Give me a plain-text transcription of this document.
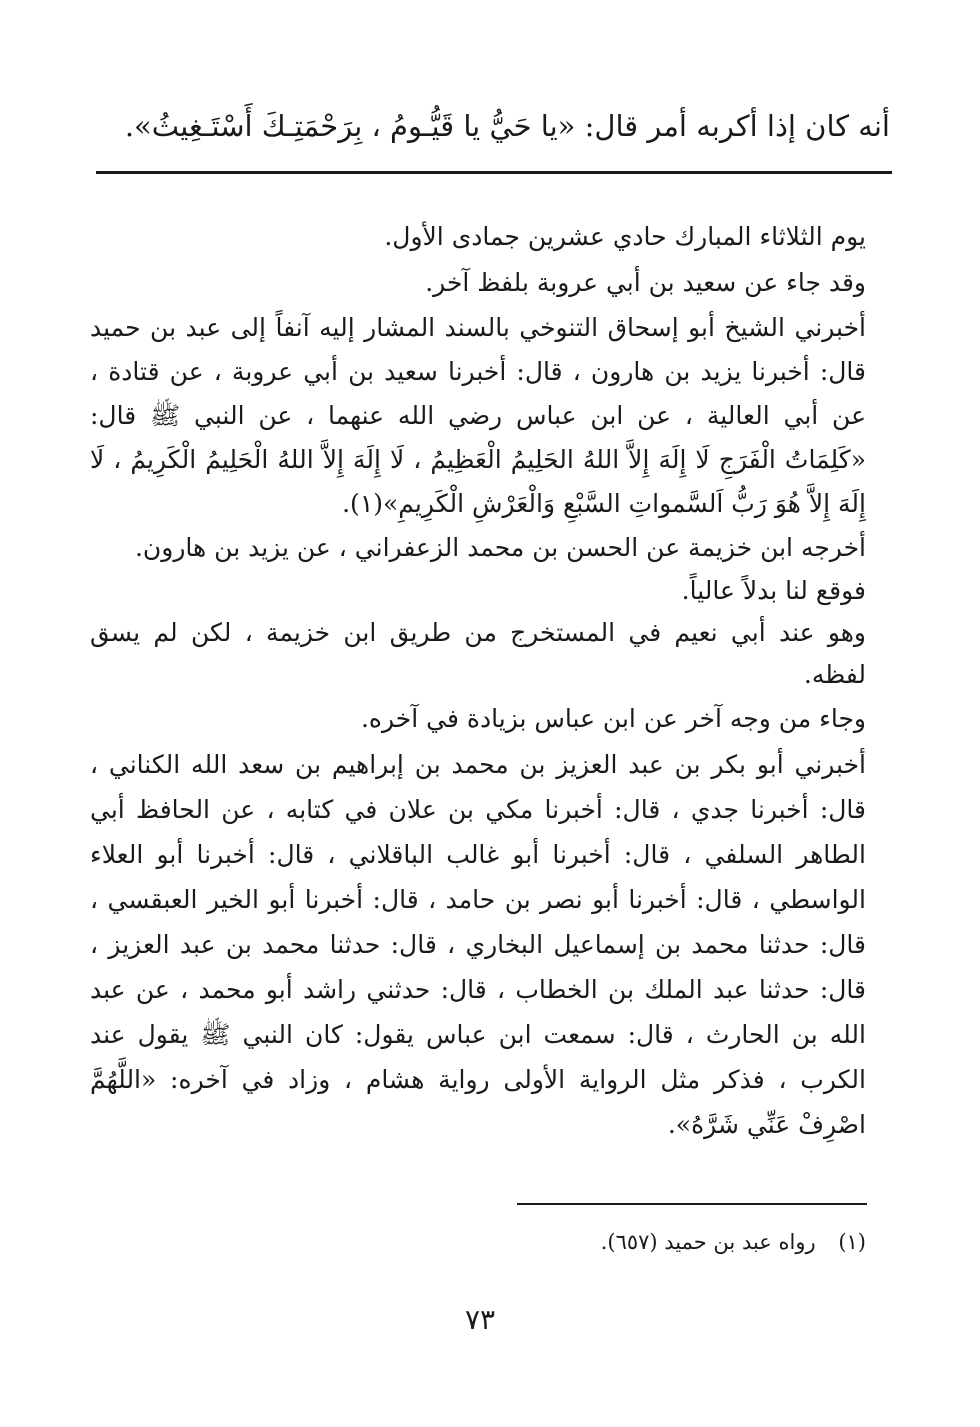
أنه كان إذا أكربه أمر قال: «يا حَيُّ يا قَيُّـومُ ، بِرَحْمَتِـكَ أَسْتَـغِيثُ».

يوم الثلاثاء المبارك حادي عشرين جمادى الأول.

وقد جاء عن سعيد بن أبي عروبة بلفظ آخر.

أخبرني الشيخ أبو إسحاق التنوخي بالسند المشار إليه آنفاً إلى عبد بن حميد قال: أخبرنا يزيد بن هارون ، قال: أخبرنا سعيد بن أبي عروبة ، عن قتادة ، عن أبي العالية ، عن ابن عباس رضي الله عنهما ، عن النبي ﷺ قال: «كَلِمَاتُ الْفَرَجِ لَا إِلَهَ إِلاَّ اللهُ الحَلِيمُ الْعَظِيمُ ، لَا إِلَهَ إِلاَّ اللهُ الْحَلِيمُ الْكَرِيمُ ، لَا إِلَهَ إِلاَّ هُوَ رَبُّ اَلسَّمواتِ السَّبْعِ وَالْعَرْشِ الْكَرِيمِ»(١).

أخرجه ابن خزيمة عن الحسن بن محمد الزعفراني ، عن يزيد بن هارون.

فوقع لنا بدلاً عالياً.

وهو عند أبي نعيم في المستخرج من طريق ابن خزيمة ، لكن لم يسق لفظه.

وجاء من وجه آخر عن ابن عباس بزيادة في آخره.

أخبرني أبو بكر بن عبد العزيز بن محمد بن إبراهيم بن سعد الله الكناني ، قال: أخبرنا جدي ، قال: أخبرنا مكي بن علان في كتابه ، عن الحافظ أبي الطاهر السلفي ، قال: أخبرنا أبو غالب الباقلاني ، قال: أخبرنا أبو العلاء الواسطي ، قال: أخبرنا أبو نصر بن حامد ، قال: أخبرنا أبو الخير العبقسي ، قال: حدثنا محمد بن إسماعيل البخاري ، قال: حدثنا محمد بن عبد العزيز ، قال: حدثنا عبد الملك بن الخطاب ، قال: حدثني راشد أبو محمد ، عن عبد الله بن الحارث ، قال: سمعت ابن عباس يقول: كان النبي ﷺ يقول عند الكرب ، فذكر مثل الرواية الأولى رواية هشام ، وزاد في آخره: «اللَّهُمَّ اصْرِفْ عَنِّي شَرَّهُ».

(١) رواه عبد بن حميد (٦٥٧).
٧٣
